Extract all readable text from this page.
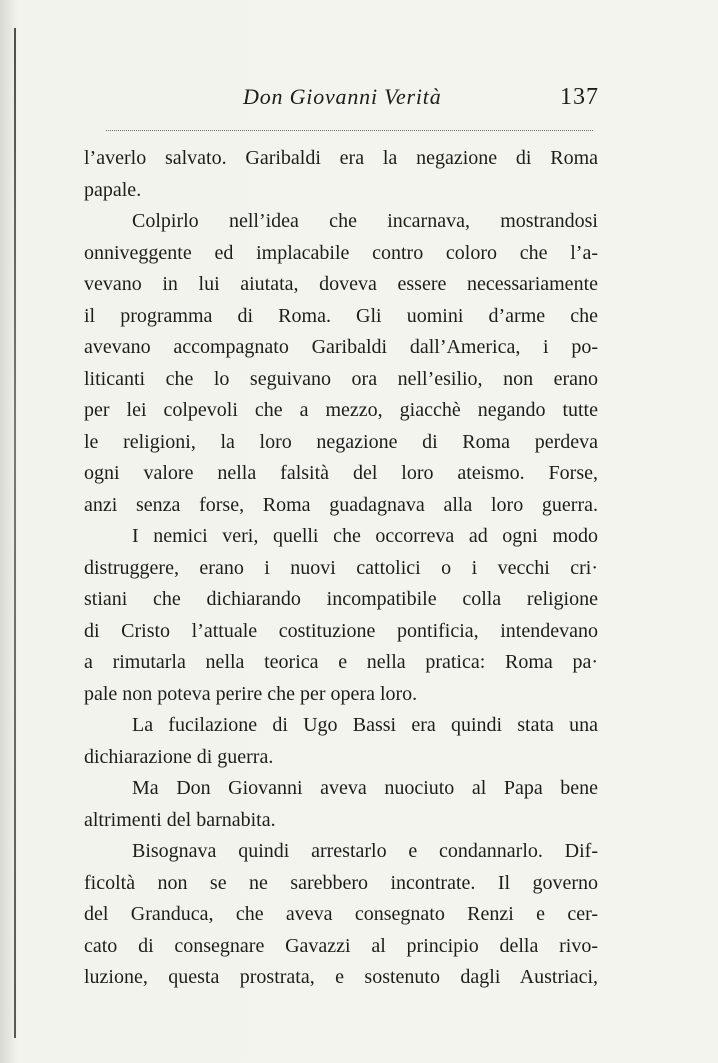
Don Giovanni Verità	137
l’averlo salvato. Garibaldi era la negazione di Roma
papale.
Colpirlo nell’idea che incarnava, mostrandosi
onniveggente ed implacabile contro coloro che l’a-
vevano in lui aiutata, doveva essere necessariamente
il programma di Roma. Gli uomini d’arme che
avevano accompagnato Garibaldi dall’America, i po-
liticanti che lo seguivano ora nell’esilio, non erano
per lei colpevoli che a mezzo, giacchè negando tutte
le religioni, la loro negazione di Roma perdeva
ogni valore nella falsità del loro ateismo. Forse,
anzi senza forse, Roma guadagnava alla loro guerra.
I nemici veri, quelli che occorreva ad ogni modo
distruggere, erano i nuovi cattolici o i vecchi cri·
stiani che dichiarando incompatibile colla religione
di Cristo l’attuale costituzione pontificia, intendevano
a rimutarla nella teorica e nella pratica: Roma pa·
pale non poteva perire che per opera loro.
La fucilazione di Ugo Bassi era quindi stata una
dichiarazione di guerra.
Ma Don Giovanni aveva nuociuto al Papa bene
altrimenti del barnabita.
Bisognava quindi arrestarlo e condannarlo. Dif-
ficoltà non se ne sarebbero incontrate. Il governo
del Granduca, che aveva consegnato Renzi e cer-
cato di consegnare Gavazzi al principio della rivo-
luzione, questa prostrata, e sostenuto dagli Austriaci,
